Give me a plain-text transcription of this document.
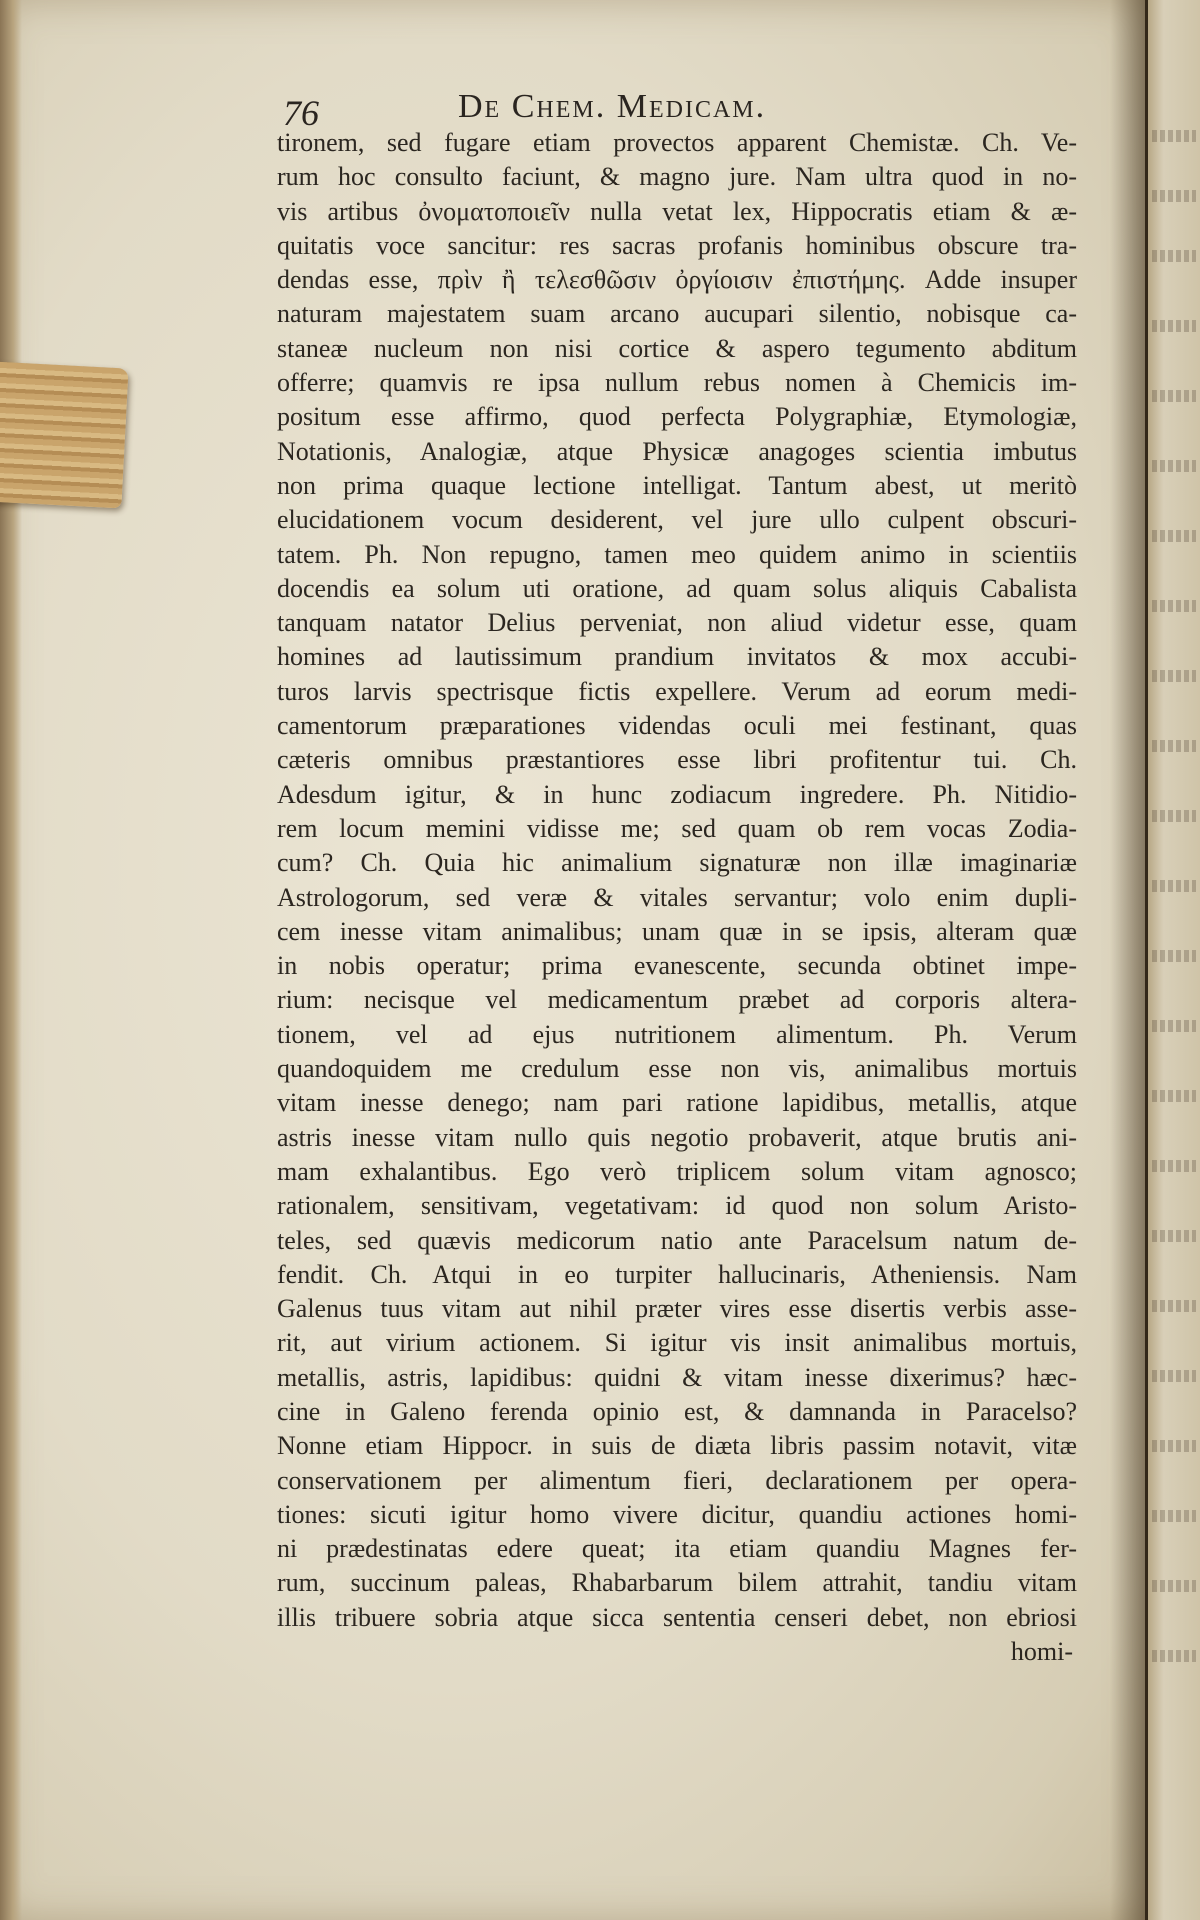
76	De Chem. Medicam.
tironem, sed fugare etiam provectos apparent Chemistæ. Ch. Ve-
rum hoc consulto faciunt, & magno jure. Nam ultra quod in no-
vis artibus ὀνοματοποιεῖν nulla vetat lex, Hippocratis etiam & æ-
quitatis voce sancitur: res sacras profanis hominibus obscure tra-
dendas esse, πρὶν ἢ τελεσθῶσιν ὀργίοισιν ἐπιστήμης. Adde insuper
naturam majestatem suam arcano aucupari silentio, nobisque ca-
staneæ nucleum non nisi cortice & aspero tegumento abditum
offerre; quamvis re ipsa nullum rebus nomen à Chemicis im-
positum esse affirmo, quod perfecta Polygraphiæ, Etymologiæ,
Notationis, Analogiæ, atque Physicæ anagoges scientia imbutus
non prima quaque lectione intelligat. Tantum abest, ut meritò
elucidationem vocum desiderent, vel jure ullo culpent obscuri-
tatem. Ph. Non repugno, tamen meo quidem animo in scientiis
docendis ea solum uti oratione, ad quam solus aliquis Cabalista
tanquam natator Delius perveniat, non aliud videtur esse, quam
homines ad lautissimum prandium invitatos & mox accubi-
turos larvis spectrisque fictis expellere. Verum ad eorum medi-
camentorum præparationes videndas oculi mei festinant, quas
cæteris omnibus præstantiores esse libri profitentur tui. Ch.
Adesdum igitur, & in hunc zodiacum ingredere. Ph. Nitidio-
rem locum memini vidisse me; sed quam ob rem vocas Zodia-
cum? Ch. Quia hic animalium signaturæ non illæ imaginariæ
Astrologorum, sed veræ & vitales servantur; volo enim dupli-
cem inesse vitam animalibus; unam quæ in se ipsis, alteram quæ
in nobis operatur; prima evanescente, secunda obtinet impe-
rium: necisque vel medicamentum præbet ad corporis altera-
tionem, vel ad ejus nutritionem alimentum. Ph. Verum
quandoquidem me credulum esse non vis, animalibus mortuis
vitam inesse denego; nam pari ratione lapidibus, metallis, atque
astris inesse vitam nullo quis negotio probaverit, atque brutis ani-
mam exhalantibus. Ego verò triplicem solum vitam agnosco;
rationalem, sensitivam, vegetativam: id quod non solum Aristo-
teles, sed quævis medicorum natio ante Paracelsum natum de-
fendit. Ch. Atqui in eo turpiter hallucinaris, Atheniensis. Nam
Galenus tuus vitam aut nihil præter vires esse disertis verbis asse-
rit, aut virium actionem. Si igitur vis insit animalibus mortuis,
metallis, astris, lapidibus: quidni & vitam inesse dixerimus? hæc-
cine in Galeno ferenda opinio est, & damnanda in Paracelso?
Nonne etiam Hippocr. in suis de diæta libris passim notavit, vitæ
conservationem per alimentum fieri, declarationem per opera-
tiones: sicuti igitur homo vivere dicitur, quandiu actiones homi-
ni prædestinatas edere queat; ita etiam quandiu Magnes fer-
rum, succinum paleas, Rhabarbarum bilem attrahit, tandiu vitam
illis tribuere sobria atque sicca sententia censeri debet, non ebriosi
homi-
